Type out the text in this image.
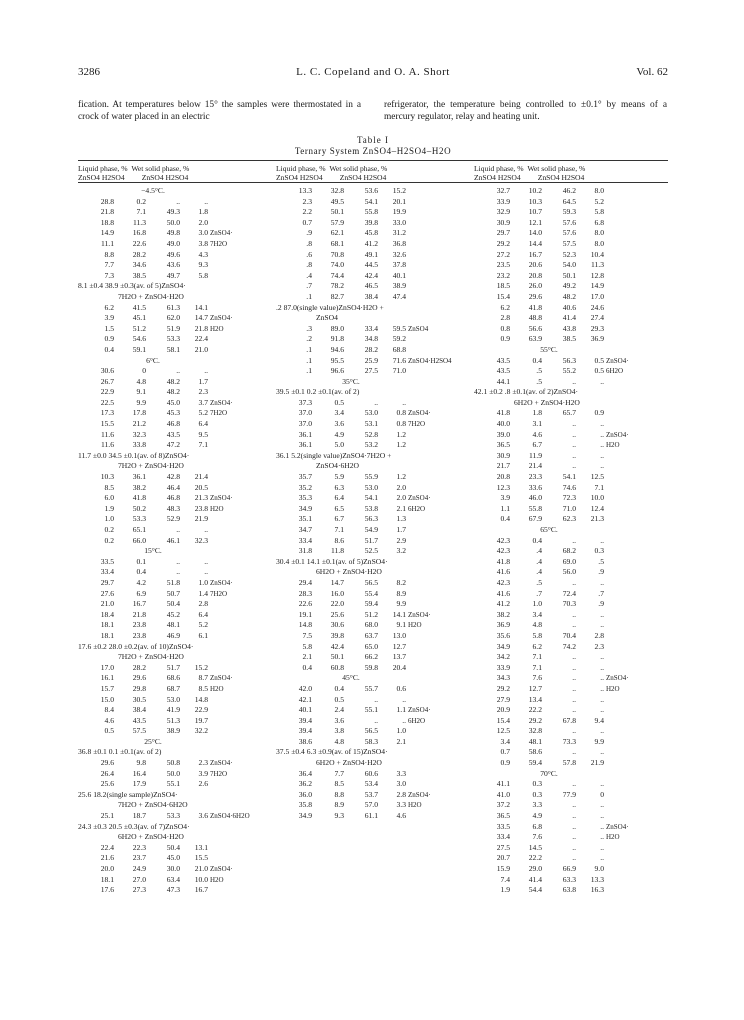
3286	L. C. Copeland and O. A. Short	Vol. 62
fication. At temperatures below 15° the samples were thermostated in a crock of water placed in an electric
refrigerator, the temperature being controlled to ±0.1° by means of a mercury regulator, relay and heating unit.
Table I
Ternary System ZnSO4–H2SO4–H2O
Liquid phase, % Wet solid phase, %
ZnSO4 H2SO4 ZnSO4 H2SO4
Liquid phase, % Wet solid phase, %
ZnSO4 H2SO4 ZnSO4 H2SO4
Liquid phase, % Wet solid phase, %
ZnSO4 H2SO4 ZnSO4 H2SO4
−4.5°C.
28.8	0.2	..	..
21.8	7.1	49.3	1.8
18.8	11.3	50.0	2.0
14.9	16.8	49.8	3.0 ZnSO4·
11.1	22.6	49.0	3.8 7H2O
8.8	28.2	49.6	4.3
7.7	34.6	43.6	9.3
7.3	38.5	49.7	5.8
8.1 ±0.4 38.9 ±0.3(av. of 5)ZnSO4·
7H2O + ZnSO4·H2O
6.2	41.5	61.3	14.1
3.9	45.1	62.0	14.7 ZnSO4·
1.5	51.2	51.9	21.8 H2O
0.9	54.6	53.3	22.4
0.4	59.1	58.1	21.0
6°C.
30.6	0	..	..
26.7	4.8	48.2	1.7
22.9	9.1	48.2	2.3
22.5	9.9	45.0	3.7 ZnSO4·
17.3	17.8	45.3	5.2 7H2O
15.5	21.2	46.8	6.4
11.6	32.3	43.5	9.5
11.6	33.8	47.2	7.1
11.7 ±0.0 34.5 ±0.1(av. of 8)ZnSO4·
7H2O + ZnSO4·H2O
10.3	36.1	42.8	21.4
8.5	38.2	46.4	20.5
6.0	41.8	46.8	21.3 ZnSO4·
1.9	50.2	48.3	23.8 H2O
1.0	53.3	52.9	21.9
0.2	65.1	..	..
0.2	66.0	46.1	32.3
15°C.
33.5	0.1	..	..
33.4	0.4	..	..
29.7	4.2	51.8	1.0 ZnSO4·
27.6	6.9	50.7	1.4 7H2O
21.0	16.7	50.4	2.8
18.4	21.8	45.2	6.4
18.1	23.8	48.1	5.2
18.1	23.8	46.9	6.1
17.6 ±0.2 28.0 ±0.2(av. of 10)ZnSO4·
7H2O + ZnSO4·H2O
17.0	28.2	51.7	15.2
16.1	29.6	68.6	8.7 ZnSO4·
15.7	29.8	68.7	8.5 H2O
15.0	30.5	53.0	14.8
8.4	38.4	41.9	22.9
4.6	43.5	51.3	19.7
0.5	57.5	38.9	32.2
25°C.
36.8 ±0.1 0.1 ±0.1(av. of 2)
29.6	9.8	50.8	2.3 ZnSO4·
26.4	16.4	50.0	3.9 7H2O
25.6	17.9	55.1	2.6
25.6 18.2(single sample)ZnSO4·
7H2O + ZnSO4·6H2O
25.1	18.7	53.3	3.6 ZnSO4·6H2O
24.3 ±0.3 20.5 ±0.3(av. of 7)ZnSO4·
6H2O + ZnSO4·H2O
22.4	22.3	50.4	13.1
21.6	23.7	45.0	15.5
20.0	24.9	30.0	21.0 ZnSO4·
18.1	27.0	63.4	10.0 H2O
17.6	27.3	47.3	16.7
13.3	32.8	53.6	15.2
2.3	49.5	54.1	20.1
2.2	50.1	55.8	19.9
0.7	57.9	39.8	33.0
.9	62.1	45.8	31.2
.8	68.1	41.2	36.8
.6	70.8	49.1	32.6
.8	74.0	44.5	37.8
.4	74.4	42.4	40.1
.7	78.2	46.5	38.9
.1	82.7	38.4	47.4
.2 87.0(single value)ZnSO4·H2O +
ZnSO4
.3	89.0	33.4	59.5 ZnSO4
.2	91.8	34.8	59.2
.1	94.6	28.2	68.8
.1	95.5	25.9	71.6 ZnSO4·H2SO4
.1	96.6	27.5	71.0
35°C.
39.5 ±0.1 0.2 ±0.1(av. of 2)
37.3	0.5	..	..
37.0	3.4	53.0	0.8 ZnSO4·
37.0	3.6	53.1	0.8 7H2O
36.1	4.9	52.8	1.2
36.1	5.0	53.2	1.2
36.1 5.2(single value)ZnSO4·7H2O +
ZnSO4·6H2O
35.7	5.9	55.9	1.2
35.2	6.3	53.0	2.0
35.3	6.4	54.1	2.0 ZnSO4·
34.9	6.5	53.8	2.1 6H2O
35.1	6.7	56.3	1.3
34.7	7.1	54.9	1.7
33.4	8.6	51.7	2.9
31.8	11.8	52.5	3.2
30.4 ±0.1 14.1 ±0.1(av. of 5)ZnSO4·
6H2O + ZnSO4·H2O
29.4	14.7	56.5	8.2
28.3	16.0	55.4	8.9
22.6	22.0	59.4	9.9
19.1	25.6	51.2	14.1 ZnSO4·
14.8	30.6	68.0	9.1 H2O
7.5	39.8	63.7	13.0
5.8	42.4	65.0	12.7
2.1	50.1	66.2	13.7
0.4	60.8	59.8	20.4
45°C.
42.0	0.4	55.7	0.6
42.1	0.5	..	..
40.1	2.4	55.1	1.1 ZnSO4·
39.4	3.6	..	.. 6H2O
39.4	3.8	56.5	1.0
38.6	4.8	58.3	2.1
37.5 ±0.4 6.3 ±0.9(av. of 15)ZnSO4·
6H2O + ZnSO4·H2O
36.4	7.7	60.6	3.3
36.2	8.5	53.4	3.0
36.0	8.8	53.7	2.8 ZnSO4·
35.8	8.9	57.0	3.3 H2O
34.9	9.3	61.1	4.6
32.7	10.2	46.2	8.0
33.9	10.3	64.5	5.2
32.9	10.7	59.3	5.8
30.9	12.1	57.6	6.8
29.7	14.0	57.6	8.0
29.2	14.4	57.5	8.0
27.2	16.7	52.3	10.4
23.5	20.6	54.0	11.3
23.2	20.8	50.1	12.8
18.5	26.0	49.2	14.9
15.4	29.6	48.2	17.0
6.2	41.8	40.6	24.6
2.8	48.8	41.4	27.4
0.8	56.6	43.8	29.3
0.9	63.9	38.5	36.9
55°C.
43.5	0.4	56.3	0.5 ZnSO4·
43.5	.5	55.2	0.5 6H2O
44.1	.5	..	..
42.1 ±0.2 .8 ±0.1(av. of 2)ZnSO4·
6H2O + ZnSO4·H2O
41.8	1.8	65.7	0.9
40.0	3.1	..	..
39.0	4.6	..	.. ZnSO4·
36.5	6.7	..	.. H2O
30.9	11.9	..	..
21.7	21.4	..	..
20.8	23.3	54.1	12.5
12.3	33.6	74.6	7.1
3.9	46.0	72.3	10.0
1.1	55.8	71.0	12.4
0.4	67.9	62.3	21.3
65°C.
42.3	0.4	..	..
42.3	.4	68.2	0.3
41.8	.4	69.0	.5
41.6	.4	56.0	.9
42.3	.5	..	..
41.6	.7	72.4	.7
41.2	1.0	70.3	.9
38.2	3.4	..	..
36.9	4.8	..	..
35.6	5.8	70.4	2.8
34.9	6.2	74.2	2.3
34.2	7.1	..	..
33.9	7.1	..	..
34.3	7.6	..	.. ZnSO4·
29.2	12.7	..	.. H2O
27.9	13.4	..	..
20.9	22.2	..	..
15.4	29.2	67.8	9.4
12.5	32.8	..	..
3.4	48.1	73.3	9.9
0.7	58.6	..	..
0.9	59.4	57.8	21.9
70°C.
41.1	0.3	..	..
41.0	0.3	77.9	0
37.2	3.3	..	..
36.5	4.9	..	..
33.5	6.8	..	.. ZnSO4·
33.4	7.6	..	.. H2O
27.5	14.5	..	..
20.7	22.2	..	..
15.9	29.0	66.9	9.0
7.4	41.4	63.3	13.3
1.9	54.4	63.8	16.3
